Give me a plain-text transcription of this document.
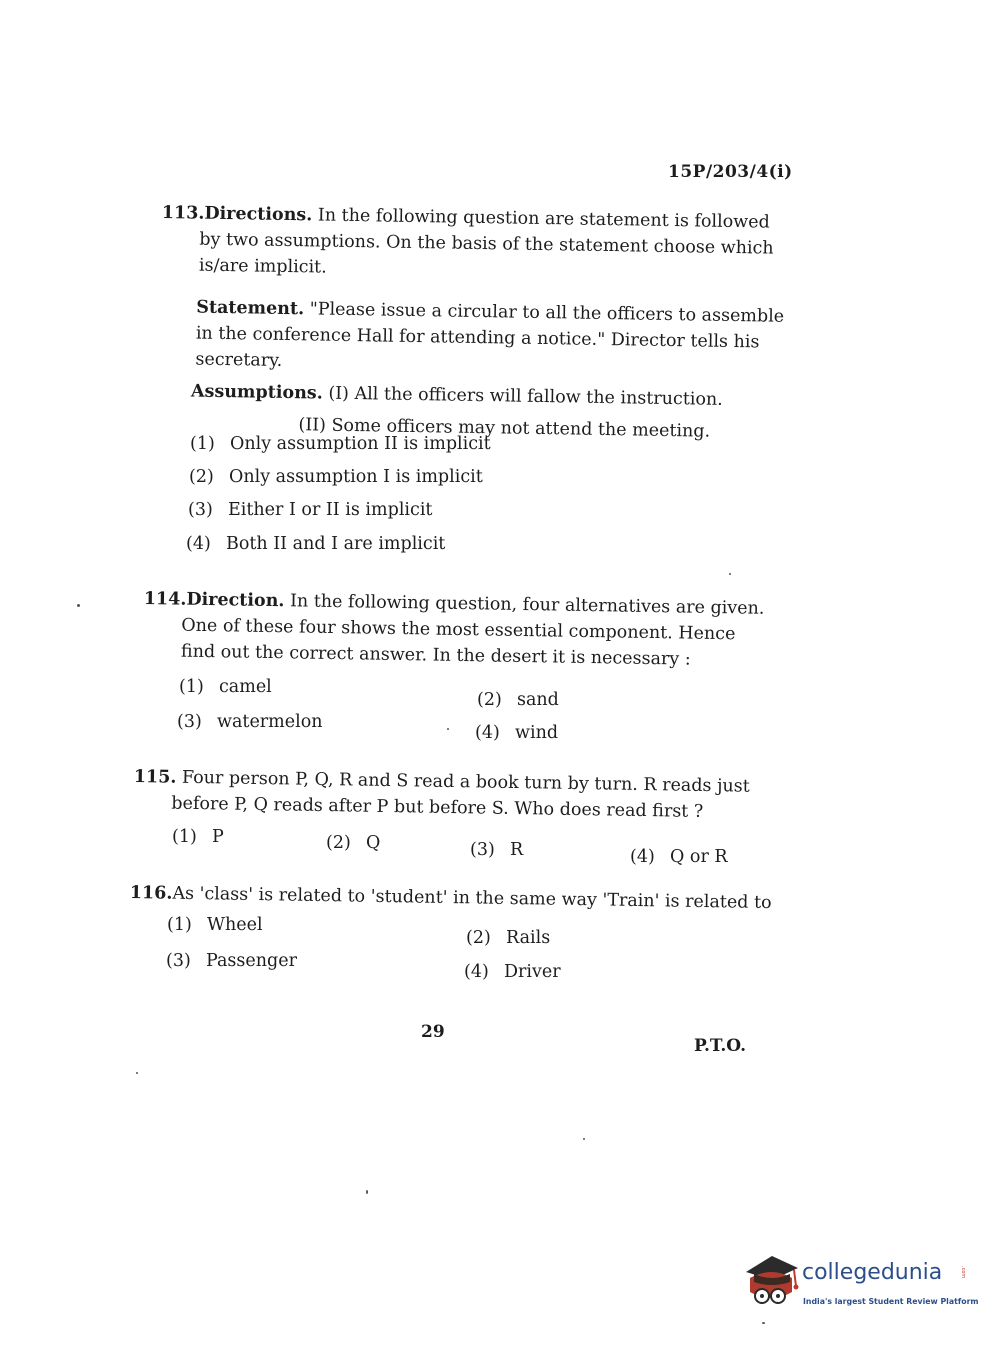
15P/203/4(i)
113.Directions. In the following question are statement is followed by two assumptions. On the basis of the statement choose which is/are implicit.
Statement. "Please issue a circular to all the officers to assemble in the conference Hall for attending a notice." Director tells his secretary.
Assumptions. (I) All the officers will fallow the instruction.
(II) Some officers may not attend the meeting.
(1) Only assumption II is implicit
(2) Only assumption I is implicit
(3) Either I or II is implicit
(4) Both II and I are implicit
114.Direction. In the following question, four alternatives are given. One of these four shows the most essential component. Hence find out the correct answer. In the desert it is necessary :
(1) camel
(2) sand
(3) watermelon
(4) wind
115. Four person P, Q, R and S read a book turn by turn. R reads just before P, Q reads after P but before S. Who does read first ?
(1) P	(2) Q	(3) R	(4) Q or R
116.As 'class' is related to 'student' in the same way 'Train' is related to
(1) Wheel
(2) Rails
(3) Passenger
(4) Driver
29
P.T.O.
collegedunia	.com
India's largest Student Review Platform
